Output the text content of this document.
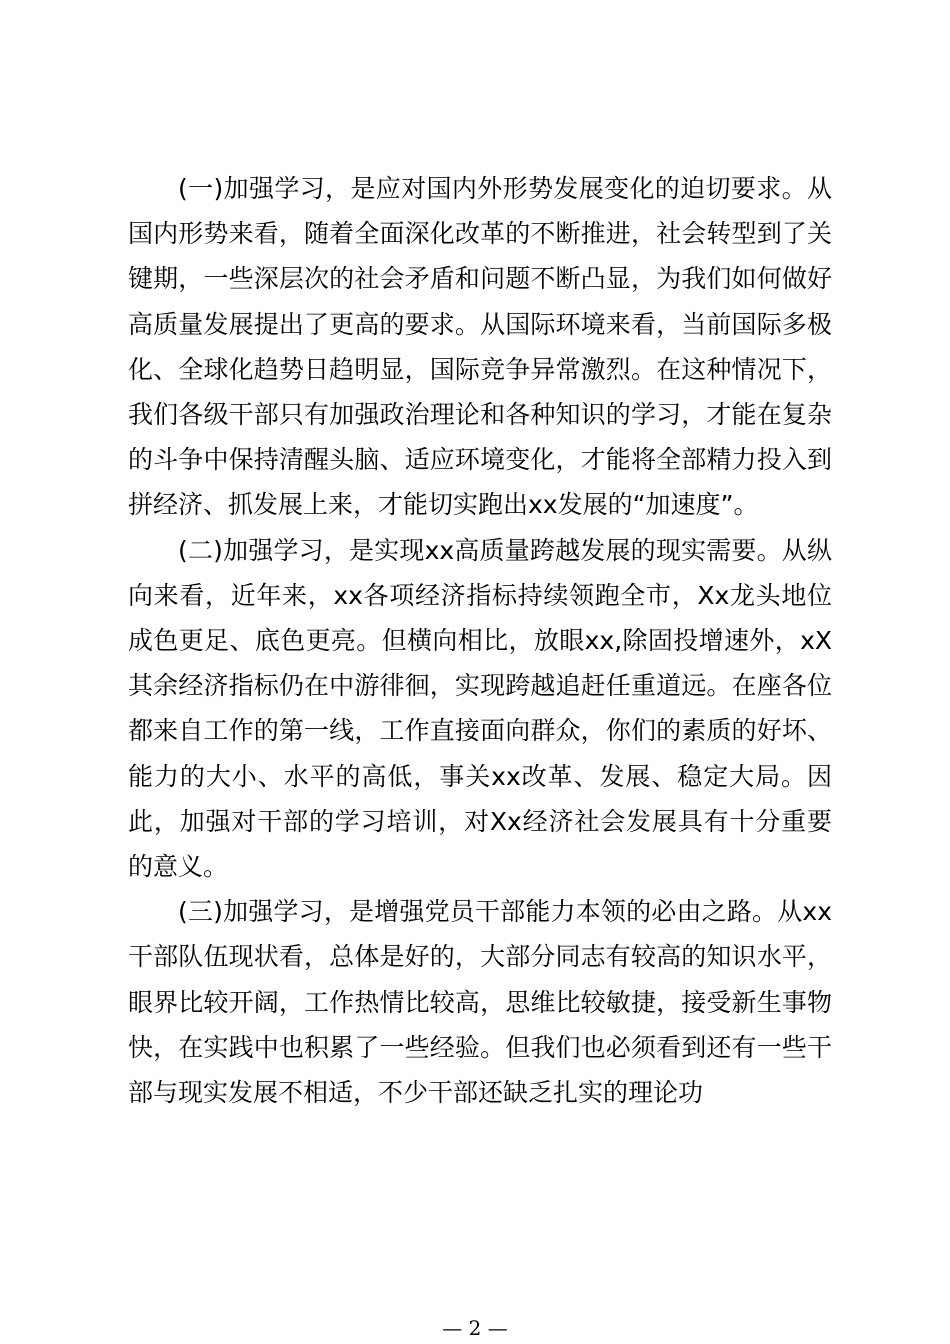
(一)加强学习，是应对国内外形势发展变化的迫切要求。从国内形势来看，随着全面深化改革的不断推进，社会转型到了关键期，一些深层次的社会矛盾和问题不断凸显，为我们如何做好高质量发展提出了更高的要求。从国际环境来看，当前国际多极化、全球化趋势日趋明显，国际竞争异常激烈。在这种情况下，我们各级干部只有加强政治理论和各种知识的学习，才能在复杂的斗争中保持清醒头脑、适应环境变化，才能将全部精力投入到拼经济、抓发展上来，才能切实跑出xx发展的“加速度”。

(二)加强学习，是实现xx高质量跨越发展的现实需要。从纵向来看，近年来，xx各项经济指标持续领跑全市，Xx龙头地位成色更足、底色更亮。但横向相比，放眼xx,除固投增速外，xX其余经济指标仍在中游徘徊，实现跨越追赶任重道远。在座各位都来自工作的第一线，工作直接面向群众，你们的素质的好坏、能力的大小、水平的高低，事关xx改革、发展、稳定大局。因此，加强对干部的学习培训，对Xx经济社会发展具有十分重要的意义。

(三)加强学习，是增强党员干部能力本领的必由之路。从xx干部队伍现状看，总体是好的，大部分同志有较高的知识水平，眼界比较开阔，工作热情比较高，思维比较敏捷，接受新生事物快，在实践中也积累了一些经验。但我们也必须看到还有一些干部与现实发展不相适，不少干部还缺乏扎实的理论功

— 2 —
